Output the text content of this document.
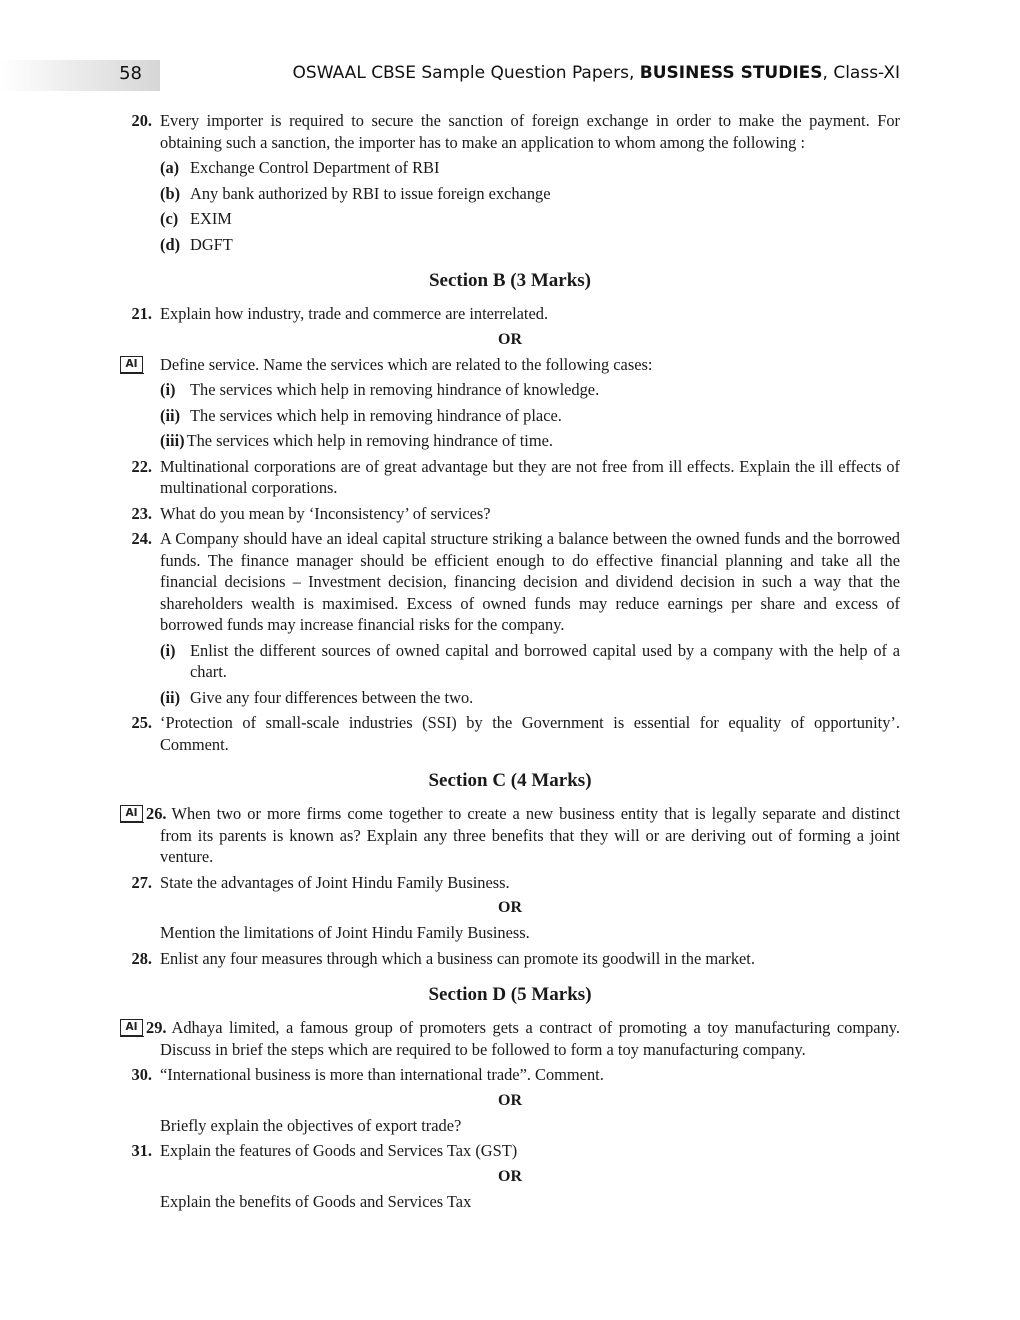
58	OSWAAL CBSE Sample Question Papers, BUSINESS STUDIES, Class-XI
20. Every importer is required to secure the sanction of foreign exchange in order to make the payment. For obtaining such a sanction, the importer has to make an application to whom among the following :
(a) Exchange Control Department of RBI
(b) Any bank authorized by RBI to issue foreign exchange
(c) EXIM
(d) DGFT
Section B (3 Marks)
21. Explain how industry, trade and commerce are interrelated.
OR
AI	Define service. Name the services which are related to the following cases:
(i) The services which help in removing hindrance of knowledge.
(ii) The services which help in removing hindrance of place.
(iii) The services which help in removing hindrance of time.
22. Multinational corporations are of great advantage but they are not free from ill effects. Explain the ill effects of multinational corporations.
23. What do you mean by ‘Inconsistency’ of services?
24. A Company should have an ideal capital structure striking a balance between the owned funds and the borrowed funds. The finance manager should be efficient enough to do effective financial planning and take all the financial decisions – Investment decision, financing decision and dividend decision in such a way that the shareholders wealth is maximised. Excess of owned funds may reduce earnings per share and excess of borrowed funds may increase financial risks for the company.
(i) Enlist the different sources of owned capital and borrowed capital used by a company with the help of a chart.
(ii) Give any four differences between the two.
25. ‘Protection of small-scale industries (SSI) by the Government is essential for equality of opportunity’. Comment.
Section C (4 Marks)
AI 26. When two or more firms come together to create a new business entity that is legally separate and distinct from its parents is known as? Explain any three benefits that they will or are deriving out of forming a joint venture.
27. State the advantages of Joint Hindu Family Business.
OR
Mention the limitations of Joint Hindu Family Business.
28. Enlist any four measures through which a business can promote its goodwill in the market.
Section D (5 Marks)
AI 29. Adhaya limited, a famous group of promoters gets a contract of promoting a toy manufacturing company. Discuss in brief the steps which are required to be followed to form a toy manufacturing company.
30. “International business is more than international trade”. Comment.
OR
Briefly explain the objectives of export trade?
31. Explain the features of Goods and Services Tax (GST)
OR
Explain the benefits of Goods and Services Tax
